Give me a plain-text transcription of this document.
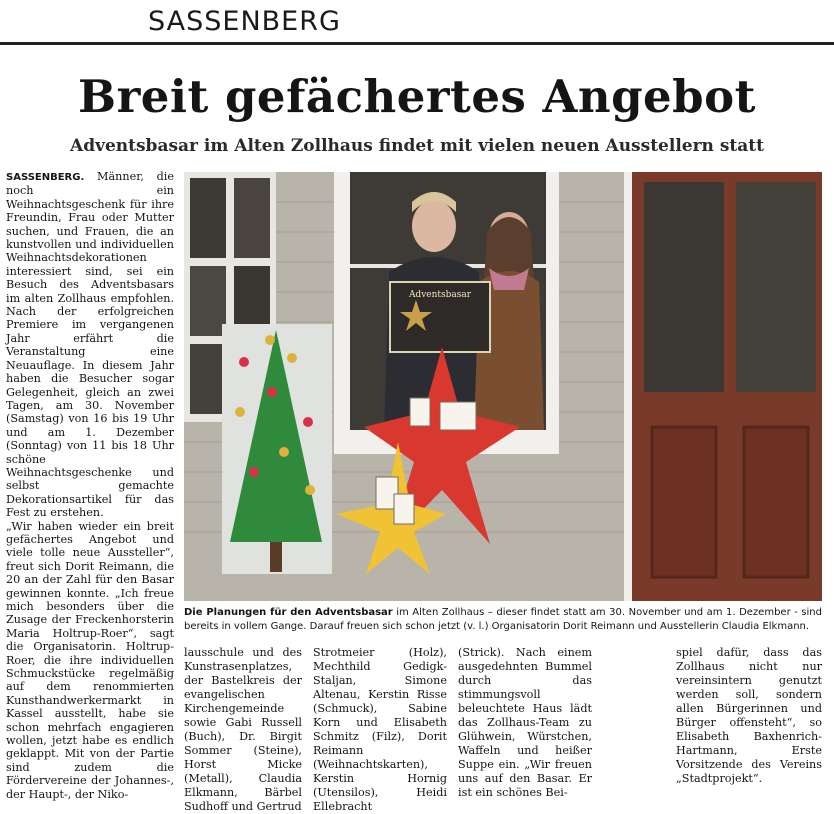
SASSENBERG
Breit gefächertes Angebot
Adventsbasar im Alten Zollhaus findet mit vielen neuen Ausstellern statt

SASSENBERG. Männer, die noch ein Weihnachtsgeschenk für ihre Freundin, Frau oder Mutter suchen, und Frauen, die an kunstvollen und individuellen Weihnachtsdekorationen interessiert sind, sei ein Besuch des Adventsbasars im alten Zollhaus empfohlen. Nach der erfolgreichen Premiere im vergangenen Jahr erfährt die Veranstaltung eine Neuauflage. In diesem Jahr haben die Besucher sogar Gelegenheit, gleich an zwei Tagen, am 30. November (Samstag) von 16 bis 19 Uhr und am 1. Dezember (Sonntag) von 11 bis 18 Uhr schöne Weihnachtsgeschenke und selbst gemachte Dekorationsartikel für das Fest zu erstehen.

„Wir haben wieder ein breit gefächertes Angebot und viele tolle neue Aussteller“, freut sich Dorit Reimann, die 20 an der Zahl für den Basar gewinnen konnte. „Ich freue mich besonders über die Zusage der Freckenhorsterin Maria Holtrup-Roer“, sagt die Organisatorin. Holtrup-Roer, die ihre individuellen Schmuckstücke regelmäßig auf dem renommierten Kunsthandwerkermarkt in Kassel ausstellt, habe sie schon mehrfach engagieren wollen, jetzt habe es endlich geklappt. Mit von der Partie sind zudem die Fördervereine der Johannes-, der Haupt-, der Niko-

Adventsbasar
Die Planungen für den Adventsbasar im Alten Zollhaus – dieser findet statt am 30. November und am 1. Dezember - sind bereits in vollem Gange. Darauf freuen sich schon jetzt (v. l.) Organisatorin Dorit Reimann und Ausstellerin Claudia Elkmann.
lausschule und des Kunstrasenplatzes, der Bastelkreis der evangelischen Kirchengemeinde sowie Gabi Russell (Buch), Dr. Birgit Sommer (Steine), Horst Micke (Metall), Claudia Elkmann, Bärbel Sudhoff und Gertrud
Strotmeier (Holz), Mechthild Gedigk-Staljan, Simone Altenau, Kerstin Risse (Schmuck), Sabine Korn und Elisabeth Schmitz (Filz), Dorit Reimann (Weihnachtskarten), Kerstin Hornig (Utensilos), Heidi Ellebracht
(Strick). Nach einem ausgedehnten Bummel durch das stimmungsvoll beleuchtete Haus lädt das Zollhaus-Team zu Glühwein, Würstchen, Waffeln und heißer Suppe ein. „Wir freuen uns auf den Basar. Er ist ein schönes Bei-
spiel dafür, dass das Zollhaus nicht nur vereinsintern genutzt werden soll, sondern allen Bürgerinnen und Bürger offensteht“, so Elisabeth Baxhenrich-Hartmann, Erste Vorsitzende des Vereins „Stadtprojekt“.
